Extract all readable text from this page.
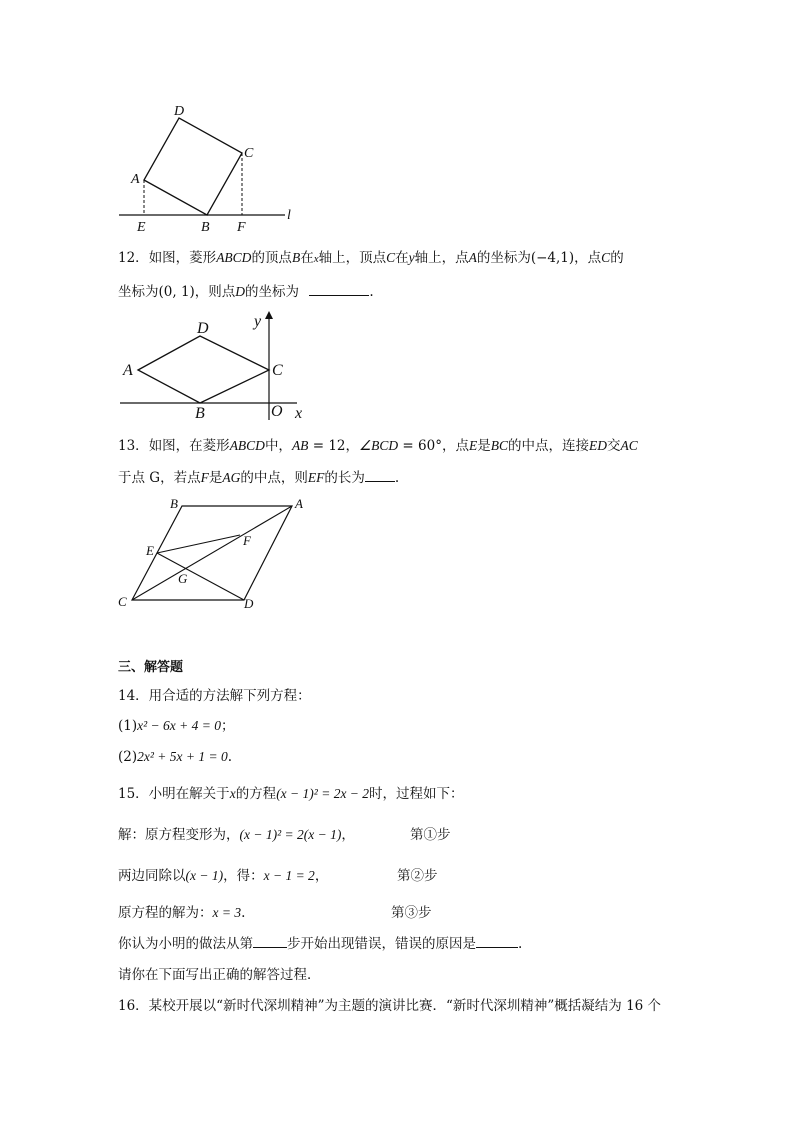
D
C
A
E	B F
l
12．如图，菱形ABCD的顶点B在x轴上，顶点C在y轴上，点A的坐标为(−4,1)，点C的
坐标为(0, 1)，则点D的坐标为	.
y
D
A	C
B	O x
13．如图，在菱形ABCD中，AB = 12，∠BCD = 60°，点E是BC的中点，连接ED交AC
于点 G，若点F是AG的中点，则EF的长为 .
B	A
E
F
G
C	D
三、解答题
14．用合适的方法解下列方程：
(1)x² − 6x + 4 = 0；
(2)2x² + 5x + 1 = 0.
15．小明在解关于x的方程(x − 1)² = 2x − 2时，过程如下：
解：原方程变形为，(x − 1)² = 2(x − 1)，	第①步
两边同除以(x − 1)，得：x − 1 = 2，	第②步
原方程的解为：x = 3.	第③步
你认为小明的做法从第	步开始出现错误，错误的原因是	.
请你在下面写出正确的解答过程．
16．某校开展以“新时代深圳精神”为主题的演讲比赛．“新时代深圳精神”概括凝结为 16 个
